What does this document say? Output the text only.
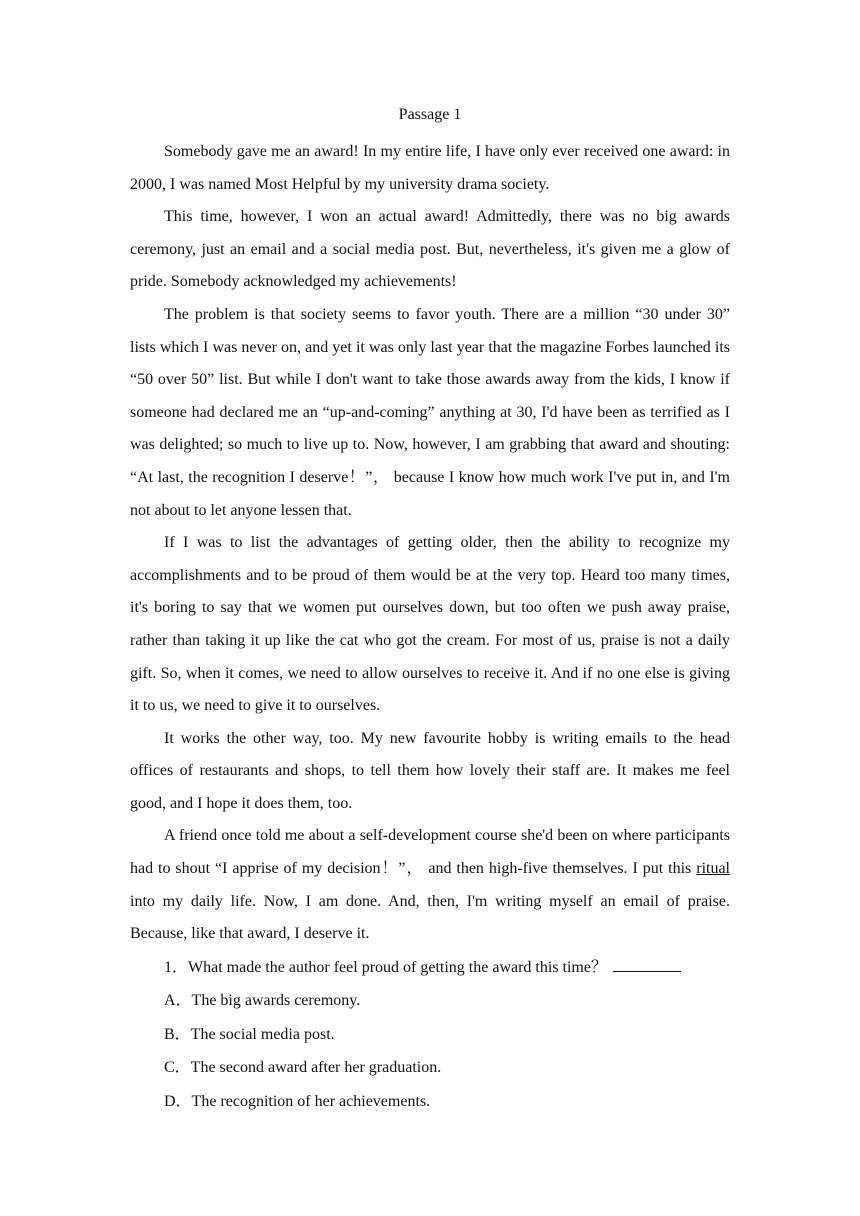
Passage 1

Somebody gave me an award! In my entire life, I have only ever received one award: in 2000, I was named Most Helpful by my university drama society.

This time, however, I won an actual award! Admittedly, there was no big awards ceremony, just an email and a social media post. But, nevertheless, it's given me a glow of pride. Somebody acknowledged my achievements!

The problem is that society seems to favor youth. There are a million “30 under 30” lists which I was never on, and yet it was only last year that the magazine Forbes launched its “50 over 50” list. But while I don't want to take those awards away from the kids, I know if someone had declared me an “up-and-coming” anything at 30, I'd have been as terrified as I was delighted; so much to live up to. Now, however, I am grabbing that award and shouting: “At last, the recognition I deserve！”， because I know how much work I've put in, and I'm not about to let anyone lessen that.

If I was to list the advantages of getting older, then the ability to recognize my accomplishments and to be proud of them would be at the very top. Heard too many times, it's boring to say that we women put ourselves down, but too often we push away praise, rather than taking it up like the cat who got the cream. For most of us, praise is not a daily gift. So, when it comes, we need to allow ourselves to receive it. And if no one else is giving it to us, we need to give it to ourselves.

It works the other way, too. My new favourite hobby is writing emails to the head offices of restaurants and shops, to tell them how lovely their staff are. It makes me feel good, and I hope it does them, too.

A friend once told me about a self-development course she'd been on where participants had to shout “I apprise of my decision！”， and then high-five themselves. I put this ritual into my daily life. Now, I am done. And, then, I'm writing myself an email of praise. Because, like that award, I deserve it.

1．What made the author feel proud of getting the award this time？

A．The big awards ceremony.

B．The social media post.

C．The second award after her graduation.

D．The recognition of her achievements.
